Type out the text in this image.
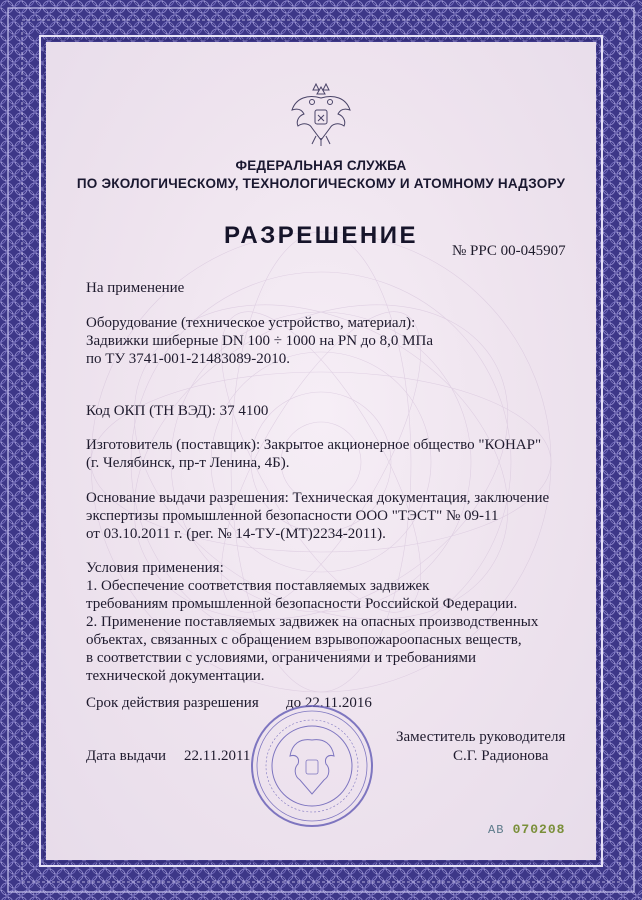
ФЕДЕРАЛЬНАЯ СЛУЖБА
ПО ЭКОЛОГИЧЕСКОМУ, ТЕХНОЛОГИЧЕСКОМУ И АТОМНОМУ НАДЗОРУ
РАЗРЕШЕНИЕ
№ РРС 00-045907
На применение
Оборудование (техническое устройство, материал):
Задвижки шиберные DN 100 ÷ 1000 на PN до 8,0 МПа
по ТУ 3741-001-21483089-2010.
Код ОКП (ТН ВЭД): 37 4100
Изготовитель (поставщик): Закрытое акционерное общество "КОНАР"
(г. Челябинск, пр-т Ленина, 4Б).
Основание выдачи разрешения: Техническая документация, заключение
экспертизы промышленной безопасности ООО "ТЭСТ" № 09-11
от 03.10.2011 г. (рег. № 14-ТУ-(МТ)2234-2011).
Условия применения:
1. Обеспечение соответствия поставляемых задвижек
требованиям промышленной безопасности Российской Федерации.
2. Применение поставляемых задвижек на опасных производственных
объектах, связанных с обращением взрывопожароопасных веществ,
в соответствии с условиями, ограничениями и требованиями
технической документации.
Срок действия разрешения до 22.11.2016
Заместитель руководителя
Дата выдачи 22.11.2011	С.Г. Радионова
АВ 070208
